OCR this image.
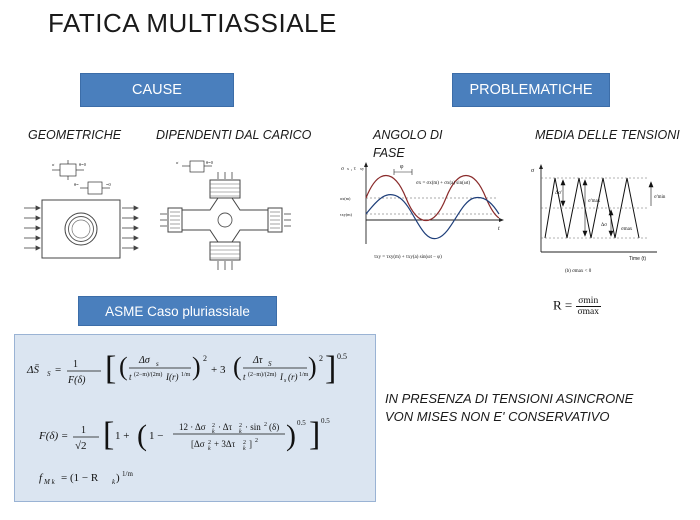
FATICA MULTIASSIALE
CAUSE	PROBLEMATICHE
ASME Caso pluriassiale
GEOMETRICHE	DIPENDENTI DAL CARICO	ANGOLO DI FASE
MEDIA DELLE TENSIONI
σ	θ=0
θ=	=0
σ	θ=0
σ x , τ xy
t
σx(m)
τxy(m)
φ
σx = σx(m) + σx(a) sin(ωt)
τxy = τxy(m) + τxy(a) sin(ωt − φ)
σ
Time (t)
Δσ'
σ'max
Δσ
σmax
σ'min
(b) σmax < 0
$R = \frac{\sigma\min}{\sigma\max}$
ΔS̄ S = 1
F(δ) [ ( Δσ s
t (2−m)/(2m) I(r) 1/m ) 2
+ 3 ( Δτ S
t (2−m)/(2m) I s (r) 1/m ) 2 ] 0.5
F(δ) = 1
√2 [ 1 + ( 1 −
12 · Δσ 2
k · Δτ 2
k · sin 2 (δ)
[Δσ 2
k + 3Δτ 2
k ] 2 ) 0.5 ] 0.5
f M k = (1 − R k ) 1/m
IN PRESENZA DI TENSIONI ASINCRONE VON MISES NON E' CONSERVATIVO
